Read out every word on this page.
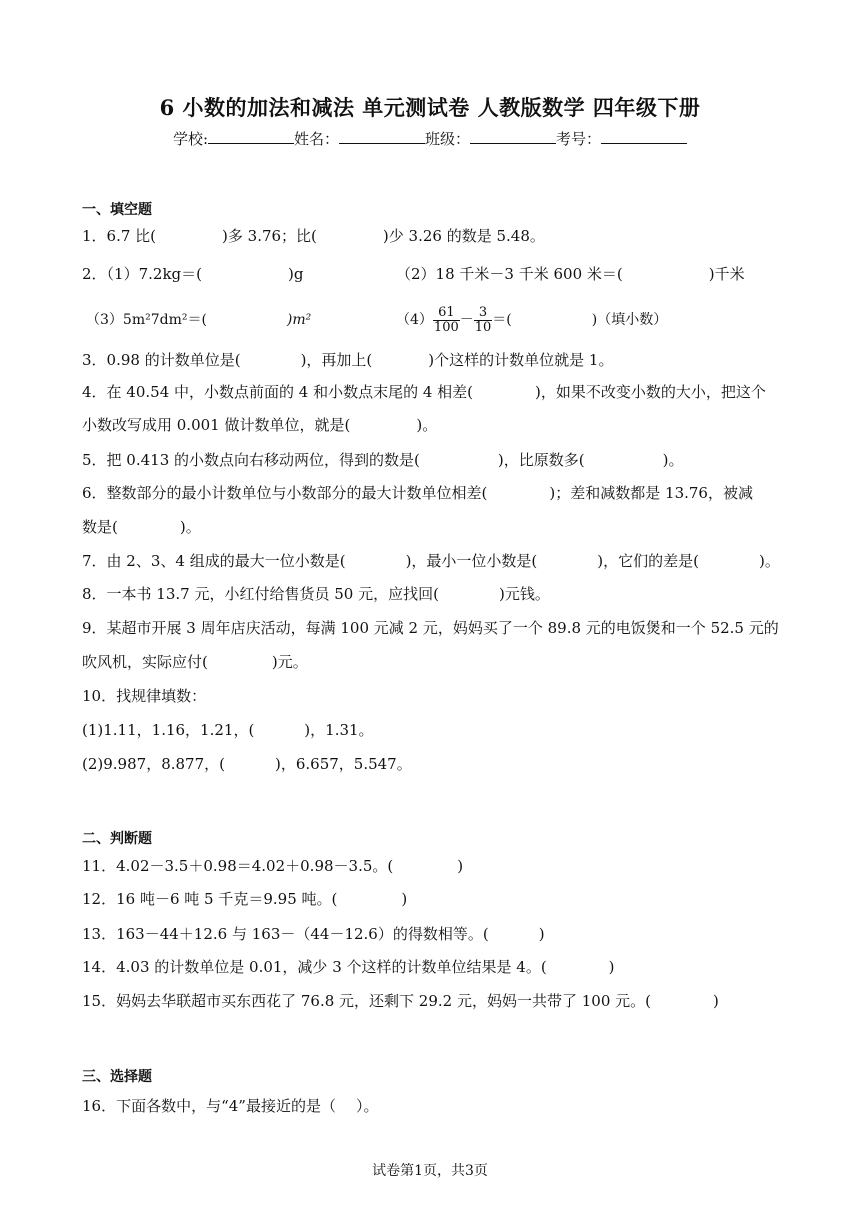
6 小数的加法和减法 单元测试卷 人教版数学 四年级下册
学校:	姓名：	班级：	考号：
一、填空题
1．6.7 比(	)多 3.76；比(	)少 3.26 的数是 5.48。
2．（1）7.2kg＝(	)g	（2）18 千米－3 千米 600 米＝(	)千米
（3）5m²7dm²＝(	)m²	$(4) \frac{61}{100} - \frac{3}{10}$ ＝(	)（填小数）
3．0.98 的计数单位是(	)，再加上(	)个这样的计数单位就是 1。
4．在 40.54 中，小数点前面的 4 和小数点末尾的 4 相差(	)，如果不改变小数的大小，把这个
小数改写成用 0.001 做计数单位，就是(	)。
5．把 0.413 的小数点向右移动两位，得到的数是(	)，比原数多(	)。
6．整数部分的最小计数单位与小数部分的最大计数单位相差(	)；差和减数都是 13.76，被减
数是(	)。
7．由 2、3、4 组成的最大一位小数是(	)，最小一位小数是(	)，它们的差是(	)。
8．一本书 13.7 元，小红付给售货员 50 元，应找回(	)元钱。
9．某超市开展 3 周年店庆活动，每满 100 元减 2 元，妈妈买了一个 89.8 元的电饭煲和一个 52.5 元的
吹风机，实际应付(	)元。
10．找规律填数：
(1)1.11，1.16，1.21，(	)，1.31。
(2)9.987，8.877，(	)，6.657，5.547。
二、判断题
11．4.02－3.5＋0.98＝4.02＋0.98－3.5。(	)
12．16 吨－6 吨 5 千克＝9.95 吨。(	)
13．163－44＋12.6 与 163－（44－12.6）的得数相等。(	)
14．4.03 的计数单位是 0.01，减少 3 个这样的计数单位结果是 4。(	)
15．妈妈去华联超市买东西花了 76.8 元，还剩下 29.2 元，妈妈一共带了 100 元。(	)
三、选择题
16．下面各数中，与“4”最接近的是（ ）。
试卷第1页，共3页
